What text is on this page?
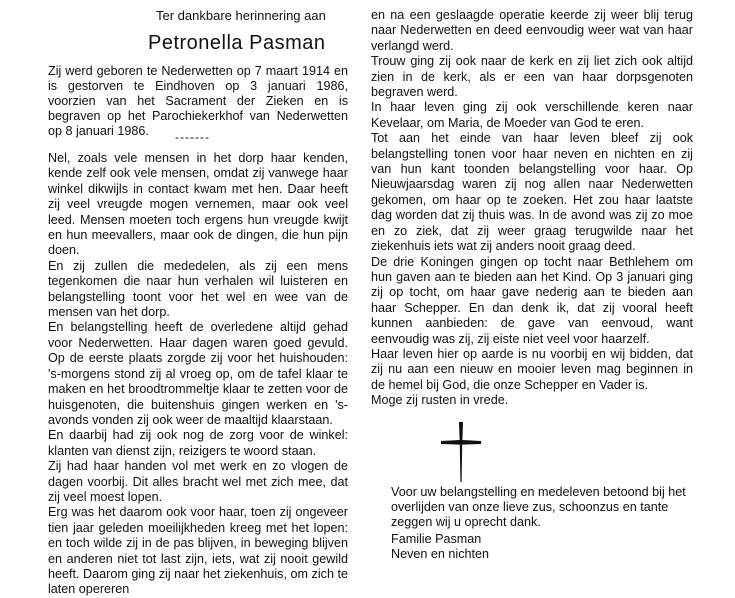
Ter dankbare herinnering aan
Petronella Pasman

Zij werd geboren te Nederwetten op 7 maart 1914 en is gestorven te Eindhoven op 3 januari 1986, voorzien van het Sacrament der Zieken en is begraven op het Parochiekerkhof van Nederwetten op 8 januari 1986.	-------

Nel, zoals vele mensen in het dorp haar kenden, kende zelf ook vele mensen, omdat zij vanwege haar winkel dikwijls in contact kwam met hen. Daar heeft zij veel vreugde mogen vernemen, maar ook veel leed. Mensen moeten toch ergens hun vreugde kwijt en hun meevallers, maar ook de dingen, die hun pijn doen.

En zij zullen die mededelen, als zij een mens tegenkomen die naar hun verhalen wil luisteren en belangstelling toont voor het wel en wee van de mensen van het dorp.

En belangstelling heeft de overledene altijd gehad voor Nederwetten. Haar dagen waren goed gevuld. Op de eerste plaats zorgde zij voor het huishouden: 's-morgens stond zij al vroeg op, om de tafel klaar te maken en het broodtrommeltje klaar te zetten voor de huisgenoten, die buitenshuis gingen werken en 's-avonds vonden zij ook weer de maaltijd klaarstaan.

En daarbij had zij ook nog de zorg voor de winkel: klanten van dienst zijn, reizigers te woord staan.

Zij had haar handen vol met werk en zo vlogen de dagen voorbij. Dit alles bracht wel met zich mee, dat zij veel moest lopen.

Erg was het daarom ook voor haar, toen zij ongeveer tien jaar geleden moeilijkheden kreeg met het lopen: en toch wilde zij in de pas blijven, in beweging blijven en anderen niet tot last zijn, iets, wat zij nooit gewild heeft. Daarom ging zij naar het ziekenhuis, om zich te laten opereren

en na een geslaagde operatie keerde zij weer blij terug naar Nederwetten en deed eenvoudig weer wat van haar verlangd werd.

Trouw ging zij ook naar de kerk en zij liet zich ook altijd zien in de kerk, als er een van haar dorpsgenoten begraven werd.

In haar leven ging zij ook verschillende keren naar Kevelaar, om Maria, de Moeder van God te eren.

Tot aan het einde van haar leven bleef zij ook belangstelling tonen voor haar neven en nichten en zij van hun kant toonden belangstelling voor haar. Op Nieuwjaarsdag waren zij nog allen naar Nederwetten gekomen, om haar op te zoeken. Het zou haar laatste dag worden dat zij thuis was. In de avond was zij zo moe en zo ziek, dat zij weer graag terugwilde naar het ziekenhuis iets wat zij anders nooit graag deed.

De drie Koningen gingen op tocht naar Bethlehem om hun gaven aan te bieden aan het Kind. Op 3 januari ging zij op tocht, om haar gave nederig aan te bieden aan haar Schepper. En dan denk ik, dat zij vooral heeft kunnen aanbieden: de gave van eenvoud, want eenvoudig was zij, zij eiste niet veel voor haarzelf.

Haar leven hier op aarde is nu voorbij en wij bidden, dat zij nu aan een nieuw en mooier leven mag beginnen in de hemel bij God, die onze Schepper en Vader is.

Moge zij rusten in vrede.

Voor uw belangstelling en medeleven betoond bij het overlijden van onze lieve zus, schoonzus en tante zeggen wij u oprecht dank.

Familie Pasman
Neven en nichten
